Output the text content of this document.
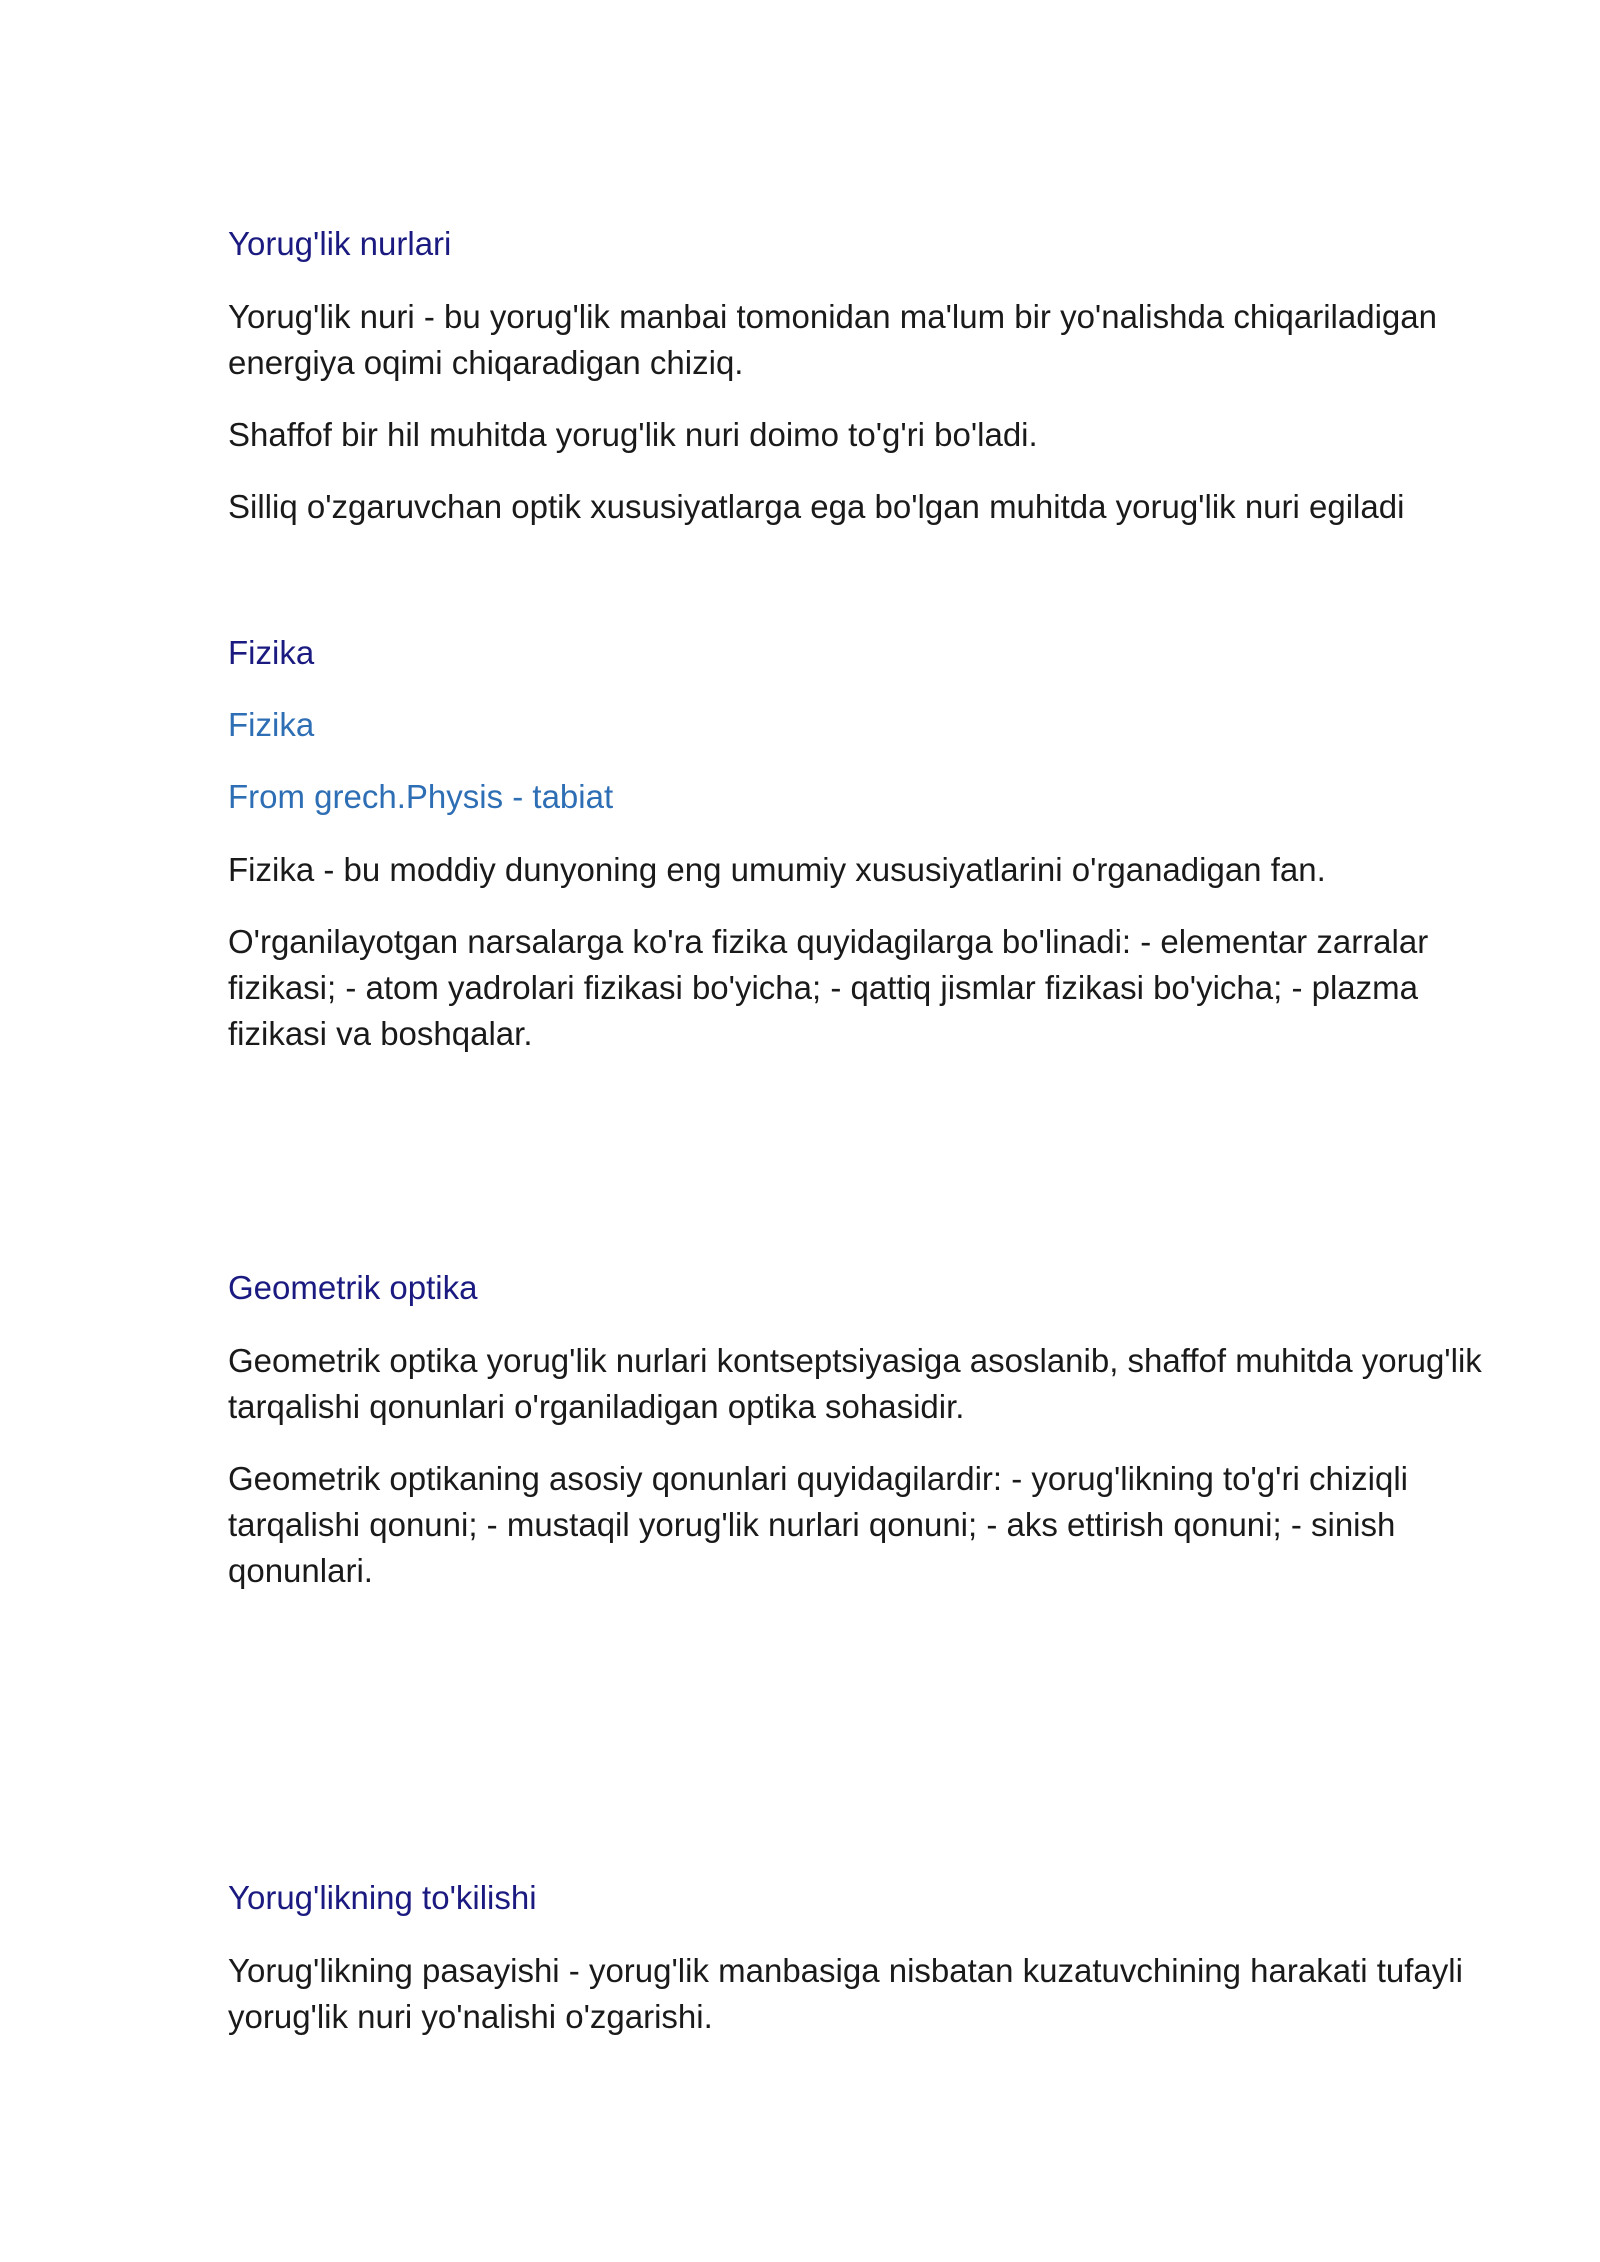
Yorug'lik nurlari

Yorug'lik nuri - bu yorug'lik manbai tomonidan ma'lum bir yo'nalishda chiqariladigan energiya oqimi chiqaradigan chiziq.

Shaffof bir hil muhitda yorug'lik nuri doimo to'g'ri bo'ladi.

Silliq o'zgaruvchan optik xususiyatlarga ega bo'lgan muhitda yorug'lik nuri egiladi

Fizika
Fizika
From grech.Physis - tabiat

Fizika - bu moddiy dunyoning eng umumiy xususiyatlarini o'rganadigan fan.

O'rganilayotgan narsalarga ko'ra fizika quyidagilarga bo'linadi: - elementar zarralar fizikasi; - atom yadrolari fizikasi bo'yicha; - qattiq jismlar fizikasi bo'yicha; - plazma fizikasi va boshqalar.

Geometrik optika

Geometrik optika yorug'lik nurlari kontseptsiyasiga asoslanib, shaffof muhitda yorug'lik tarqalishi qonunlari o'rganiladigan optika sohasidir.

Geometrik optikaning asosiy qonunlari quyidagilardir: - yorug'likning to'g'ri chiziqli tarqalishi qonuni; - mustaqil yorug'lik nurlari qonuni; - aks ettirish qonuni; - sinish qonunlari.

Yorug'likning to'kilishi

Yorug'likning pasayishi - yorug'lik manbasiga nisbatan kuzatuvchining harakati tufayli yorug'lik nuri yo'nalishi o'zgarishi.
